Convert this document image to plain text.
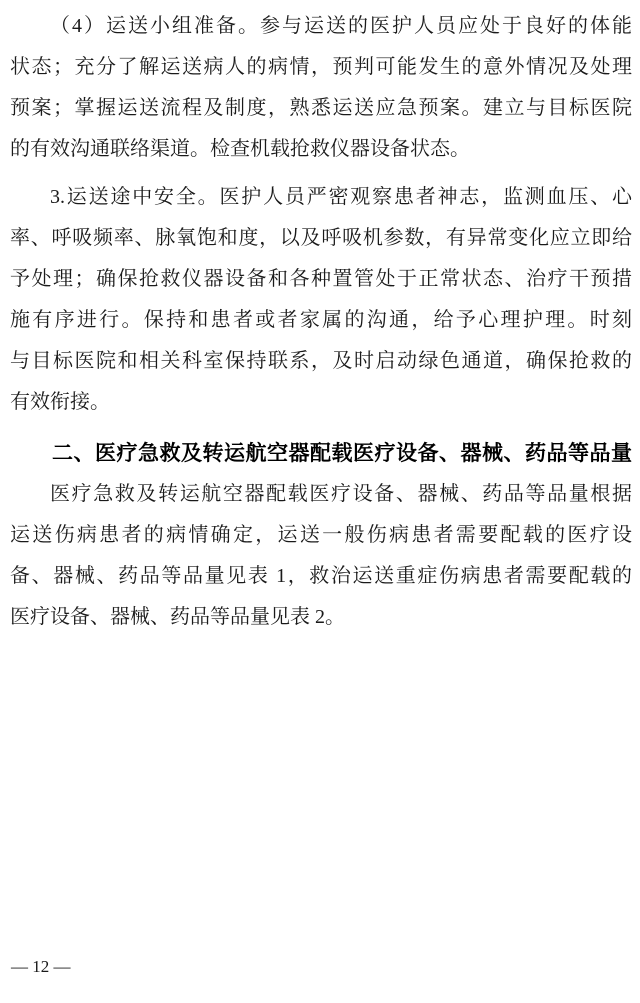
（4）运送小组准备。参与运送的医护人员应处于良好的体能
状态；充分了解运送病人的病情，预判可能发生的意外情况及处理
预案；掌握运送流程及制度，熟悉运送应急预案。建立与目标医院
的有效沟通联络渠道。检查机载抢救仪器设备状态。
3.运送途中安全。医护人员严密观察患者神志，监测血压、心
率、呼吸频率、脉氧饱和度，以及呼吸机参数，有异常变化应立即给
予处理；确保抢救仪器设备和各种置管处于正常状态、治疗干预措
施有序进行。保持和患者或者家属的沟通，给予心理护理。时刻
与目标医院和相关科室保持联系，及时启动绿色通道，确保抢救的
有效衔接。
二、医疗急救及转运航空器配载医疗设备、器械、药品等品量
医疗急救及转运航空器配载医疗设备、器械、药品等品量根据
运送伤病患者的病情确定，运送一般伤病患者需要配载的医疗设
备、器械、药品等品量见表 1，救治运送重症伤病患者需要配载的
医疗设备、器械、药品等品量见表 2。
— 12 —
